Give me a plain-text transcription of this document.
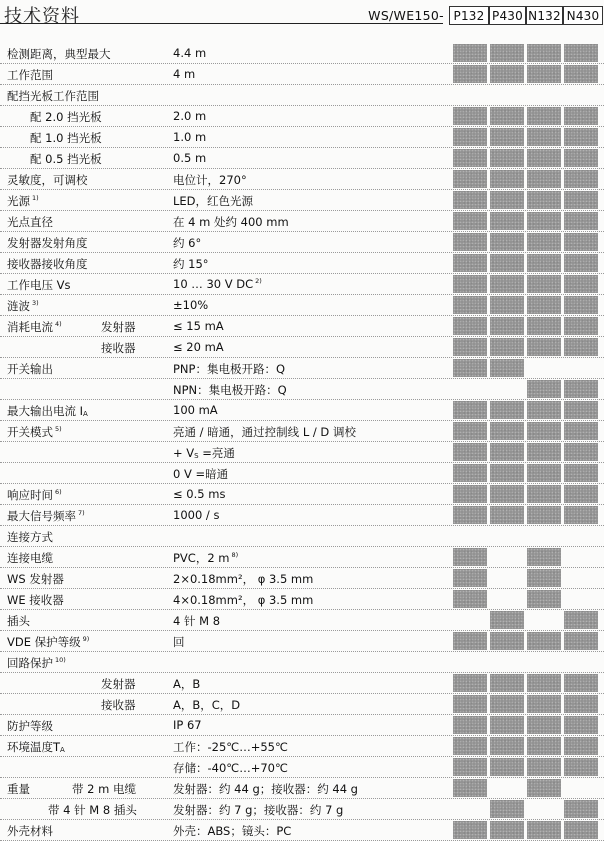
技术资料	WS/WE150- P132 P430 N132 N430
检测距离，典型最大	4.4 m
工作范围	4 m
配挡光板工作范围
配 2.0 挡光板	2.0 m
配 1.0 挡光板	1.0 m
配 0.5 挡光板	0.5 m
灵敏度，可调校	电位计，270°
光源 $^{1)}$	LED，红色光源
光点直径	在 4 m 处约 400 mm
发射器发射角度	约 6°
接收器接收角度	约 15°
工作电压 Vs	10 … 30 V DC $^{2)}$
涟波 $^{3)}$	±10%
消耗电流 $^{4)}$	发射器	≤ 15 mA
接收器	≤ 20 mA
开关输出	PNP：集电极开路：Q
NPN：集电极开路：Q
最大输出电流 $I_A$	100 mA
开关模式 $^{5)}$	亮通 / 暗通，通过控制线 L / D 调校
+ $V_S$ =亮通
0 V =暗通
响应时间 $^{6)}$	≤ 0.5 ms
最大信号频率 $^{7)}$	1000 / s
连接方式
连接电缆	PVC，2 m $^{8)}$
WS 发射器	2×0.18mm²， φ 3.5 mm
WE 接收器	4×0.18mm²， φ 3.5 mm
插头	4 针 M 8
VDE 保护等级 $^{9)}$	回
回路保护 $^{10)}$
发射器	A，B
接收器	A，B，C，D
防护等级	IP 67
环境温度$T_A$	工作：-25℃…+55℃
存储：-40℃…+70℃
重量	带 2 m 电缆	发射器：约 44 g；接收器：约 44 g
带 4 针 M 8 插头	发射器：约 7 g；接收器：约 7 g
外壳材料	外壳：ABS；镜头：PC
